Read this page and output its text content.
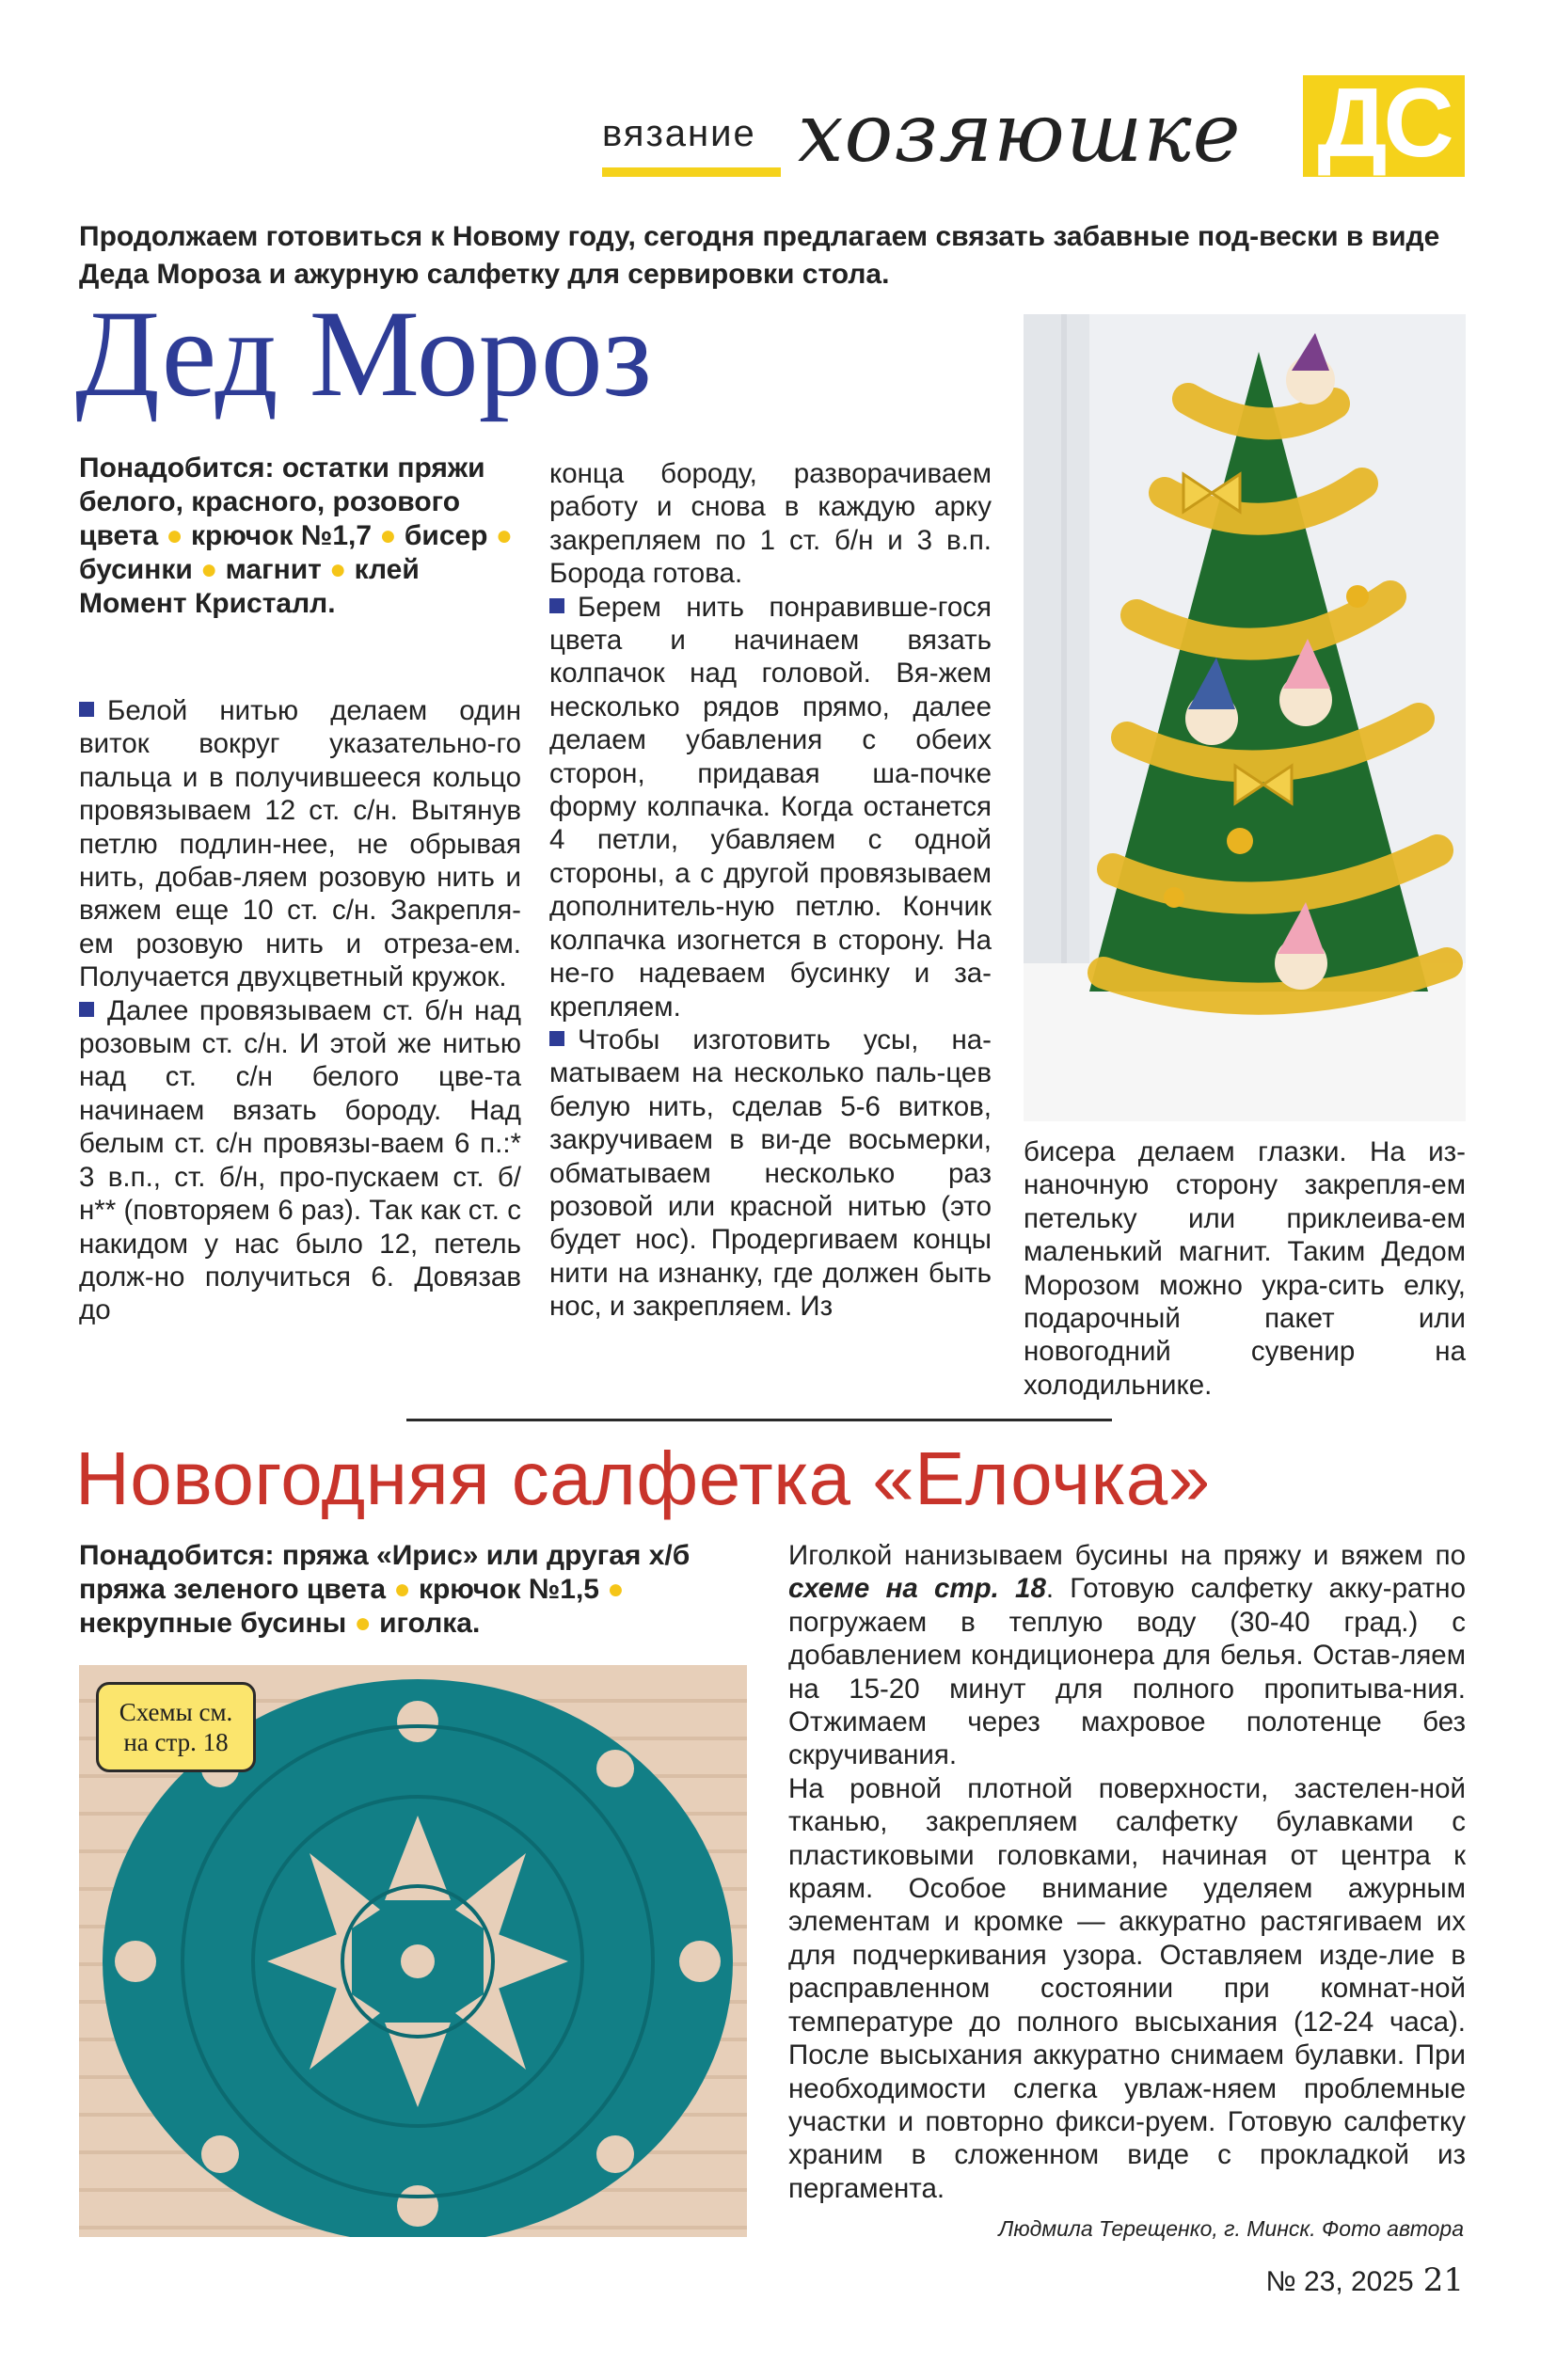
вязание хозяюшке ДС
Продолжаем готовиться к Новому году, сегодня предлагаем связать забавные под-вески в виде Деда Мороза и ажурную салфетку для сервировки стола.
Дед Мороз
Понадобится: остатки пряжи белого, красного, розового цвета ● крючок №1,7 ● бисер ● бусинки ● магнит ● клей Момент Кристалл.

Белой нитью делаем один виток вокруг указательно-го пальца и в получившееся кольцо провязываем 12 ст. с/н. Вытянув петлю подлин-нее, не обрывая нить, добав-ляем розовую нить и вяжем еще 10 ст. с/н. Закрепля-ем розовую нить и отреза-ем. Получается двухцветный кружок.

Далее провязываем ст. б/н над розовым ст. с/н. И этой же нитью над ст. с/н белого цве-та начинаем вязать бороду. Над белым ст. с/н провязы-ваем 6 п.:* 3 в.п., ст. б/н, про-пускаем ст. б/н** (повторяем 6 раз). Так как ст. с накидом у нас было 12, петель долж-но получиться 6. Довязав до

конца бороду, разворачиваем работу и снова в каждую арку закрепляем по 1 ст. б/н и 3 в.п. Борода готова.

Берем нить понравивше-гося цвета и начинаем вязать колпачок над головой. Вя-жем несколько рядов прямо, далее делаем убавления с обеих сторон, придавая ша-почке форму колпачка. Когда останется 4 петли, убавляем с одной стороны, а с другой провязываем дополнитель-ную петлю. Кончик колпачка изогнется в сторону. На не-го надеваем бусинку и за-крепляем.

Чтобы изготовить усы, на-матываем на несколько паль-цев белую нить, сделав 5-6 витков, закручиваем в ви-де восьмерки, обматываем несколько раз розовой или красной нитью (это будет нос). Продергиваем концы нити на изнанку, где должен быть нос, и закрепляем. Из

бисера делаем глазки. На из-наночную сторону закрепля-ем петельку или приклеива-ем маленький магнит. Таким Дедом Морозом можно укра-сить елку, подарочный пакет или новогодний сувенир на холодильнике.

Новогодняя салфетка «Елочка»
Понадобится: пряжа «Ирис» или другая х/б пряжа зеленого цвета ● крючок №1,5 ● некрупные бусины ● иголка.
Схемы см. на стр. 18

Иголкой нанизываем бусины на пряжу и вяжем по схеме на стр. 18. Готовую салфетку акку-ратно погружаем в теплую воду (30-40 град.) с добавлением кондиционера для белья. Остав-ляем на 15-20 минут для полного пропитыва-ния. Отжимаем через махровое полотенце без скручивания.

На ровной плотной поверхности, застелен-ной тканью, закрепляем салфетку булавками с пластиковыми головками, начиная от центра к краям. Особое внимание уделяем ажурным элементам и кромке — аккуратно растягиваем их для подчеркивания узора. Оставляем изде-лие в расправленном состоянии при комнат-ной температуре до полного высыхания (12-24 часа). После высыхания аккуратно снимаем булавки. При необходимости слегка увлаж-няем проблемные участки и повторно фикси-руем. Готовую салфетку храним в сложенном виде с прокладкой из пергамента.

Людмила Терещенко, г. Минск. Фото автора
№ 23, 2025 21
